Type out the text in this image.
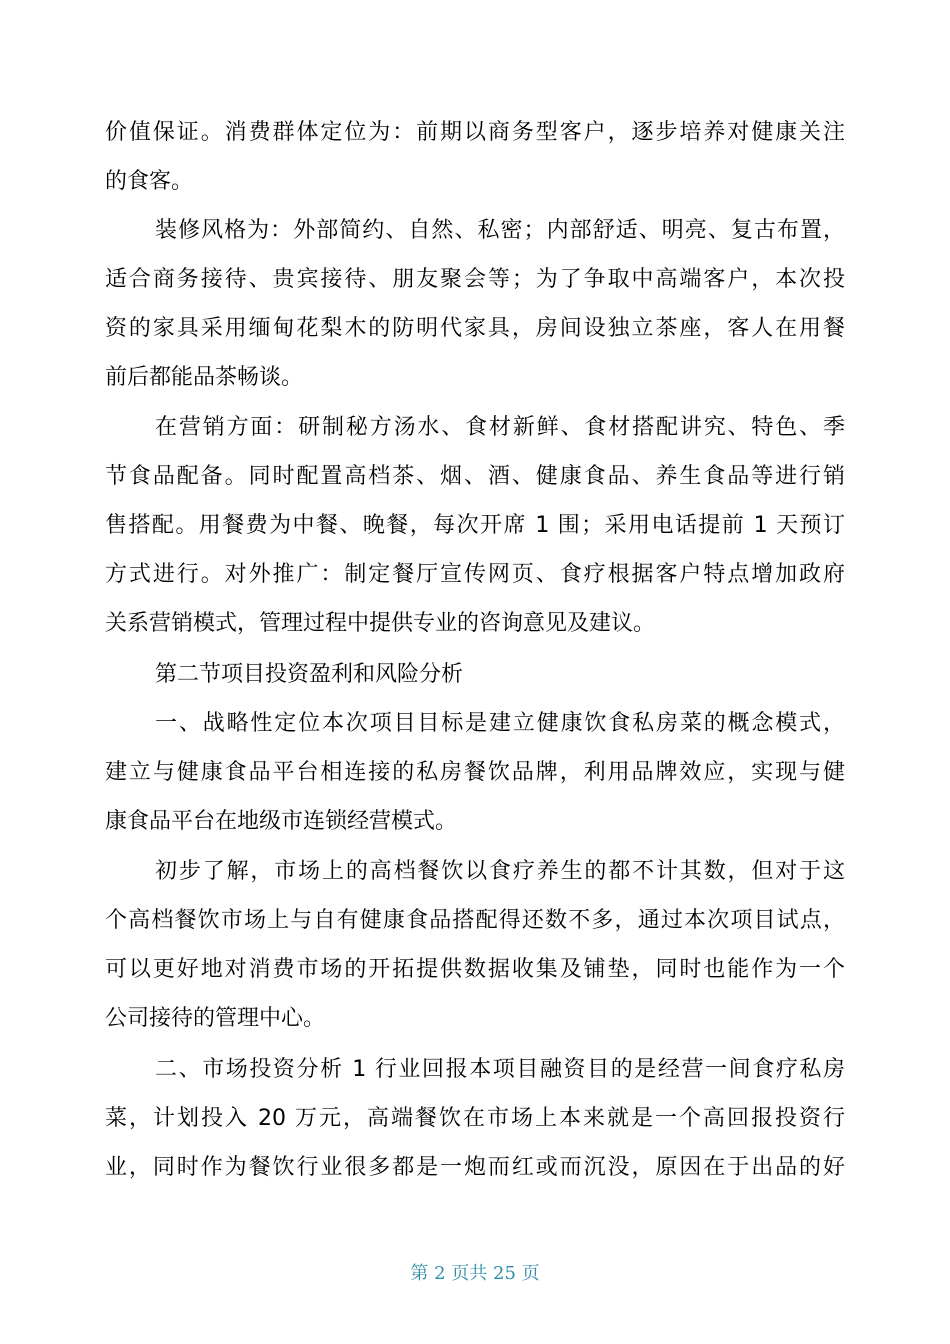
价值保证。消费群体定位为：前期以商务型客户，逐步培养对健康关注
的食客。
装修风格为：外部简约、自然、私密；内部舒适、明亮、复古布置，
适合商务接待、贵宾接待、朋友聚会等；为了争取中高端客户，本次投
资的家具采用缅甸花梨木的防明代家具，房间设独立茶座，客人在用餐
前后都能品茶畅谈。
在营销方面：研制秘方汤水、食材新鲜、食材搭配讲究、特色、季
节食品配备。同时配置高档茶、烟、酒、健康食品、养生食品等进行销
售搭配。用餐费为中餐、晚餐，每次开席 1 围；采用电话提前 1 天预订
方式进行。对外推广：制定餐厅宣传网页、食疗根据客户特点增加政府
关系营销模式，管理过程中提供专业的咨询意见及建议。
第二节项目投资盈利和风险分析
一、战略性定位本次项目目标是建立健康饮食私房菜的概念模式，
建立与健康食品平台相连接的私房餐饮品牌，利用品牌效应，实现与健
康食品平台在地级市连锁经营模式。
初步了解，市场上的高档餐饮以食疗养生的都不计其数，但对于这
个高档餐饮市场上与自有健康食品搭配得还数不多，通过本次项目试点，
可以更好地对消费市场的开拓提供数据收集及铺垫，同时也能作为一个
公司接待的管理中心。
二、市场投资分析 1 行业回报本项目融资目的是经营一间食疗私房
菜，计划投入 20 万元，高端餐饮在市场上本来就是一个高回报投资行
业，同时作为餐饮行业很多都是一炮而红或而沉没，原因在于出品的好
第 2 页共 25 页
